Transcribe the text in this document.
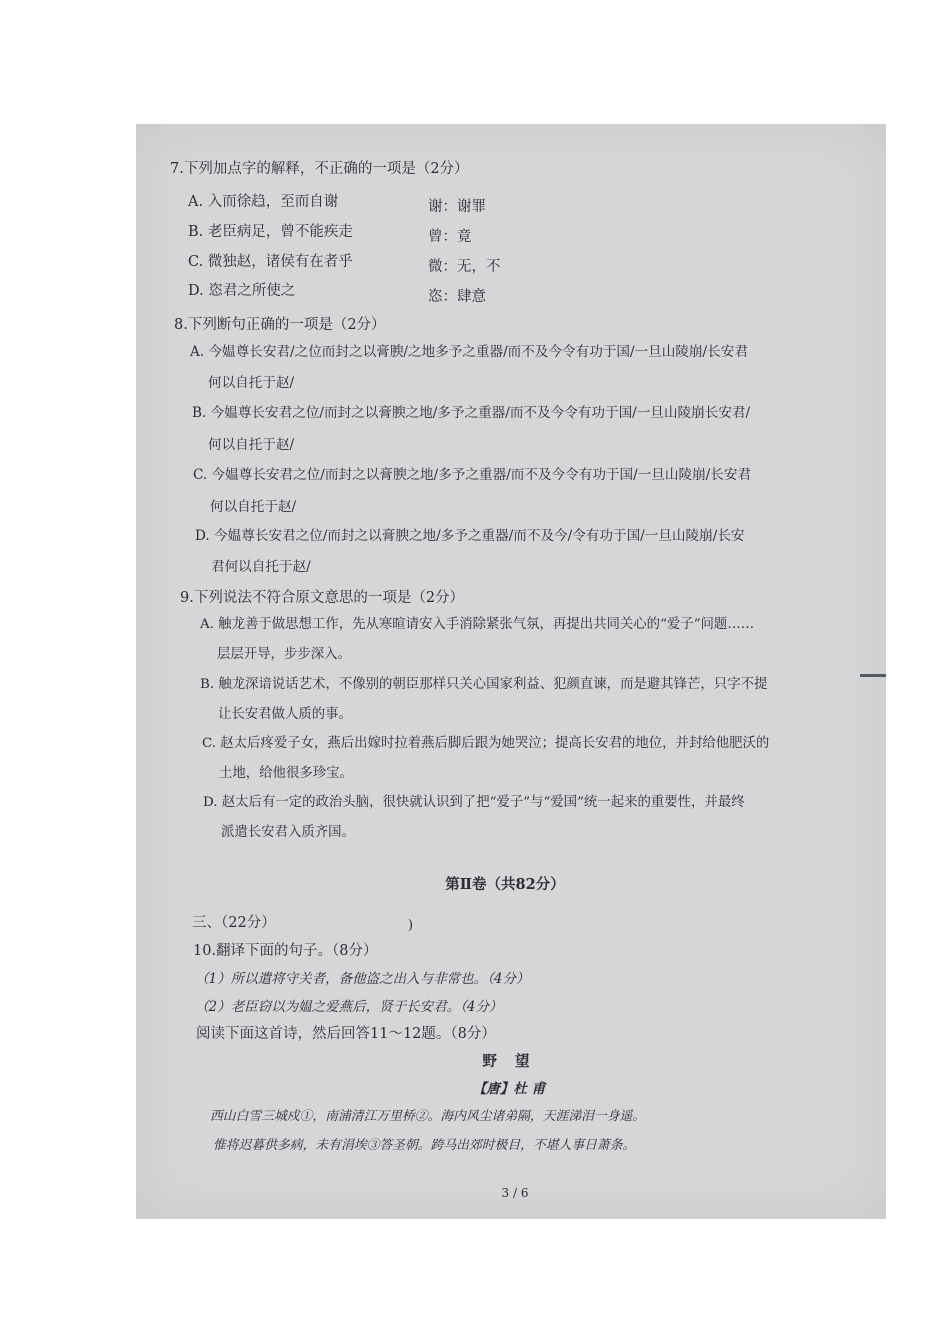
7.下列加点字的解释，不正确的一项是（2分）
A. 入而徐趋，至而自谢	谢：谢罪
B. 老臣病足，曾不能疾走	曾：竟
C. 微独赵，诸侯有在者乎	微：无，不
D. 恣君之所使之	恣：肆意
8.下列断句正确的一项是（2分）
A. 今媪尊长安君/之位而封之以膏腴/之地多予之重器/而不及今令有功于国/一旦山陵崩/长安君
何以自托于赵/
B. 今媪尊长安君之位/而封之以膏腴之地/多予之重器/而不及今令有功于国/一旦山陵崩长安君/
何以自托于赵/
C. 今媪尊长安君之位/而封之以膏腴之地/多予之重器/而不及今令有功于国/一旦山陵崩/长安君
何以自托于赵/
D. 今媪尊长安君之位/而封之以膏腴之地/多予之重器/而不及今/令有功于国/一旦山陵崩/长安
君何以自托于赵/
9.下列说法不符合原文意思的一项是（2分）
A. 触龙善于做思想工作，先从寒暄请安入手消除紧张气氛，再提出共同关心的“爱子”问题……
层层开导，步步深入。
B. 触龙深谙说话艺术，不像别的朝臣那样只关心国家利益、犯颜直谏，而是避其锋芒，只字不提
让长安君做人质的事。
C. 赵太后疼爱子女，燕后出嫁时拉着燕后脚后跟为她哭泣；提高长安君的地位，并封给他肥沃的
土地，给他很多珍宝。
D. 赵太后有一定的政治头脑，很快就认识到了把“爱子”与“爱国”统一起来的重要性，并最终
派遣长安君入质齐国。
第Ⅱ卷（共82分）
三、（22分）	)
10.翻译下面的句子。（8分）
（1）所以遣将守关者，备他盗之出入与非常也。（4分）
（2）老臣窃以为媪之爱燕后，贤于长安君。（4分）
阅读下面这首诗，然后回答11～12题。（8分）
野望
【唐】杜 甫
西山白雪三城戍①，南浦清江万里桥②。海内风尘诸弟隔，天涯涕泪一身遥。
惟将迟暮供多病，未有涓埃③答圣朝。跨马出郊时极目，不堪人事日萧条。
3 / 6
